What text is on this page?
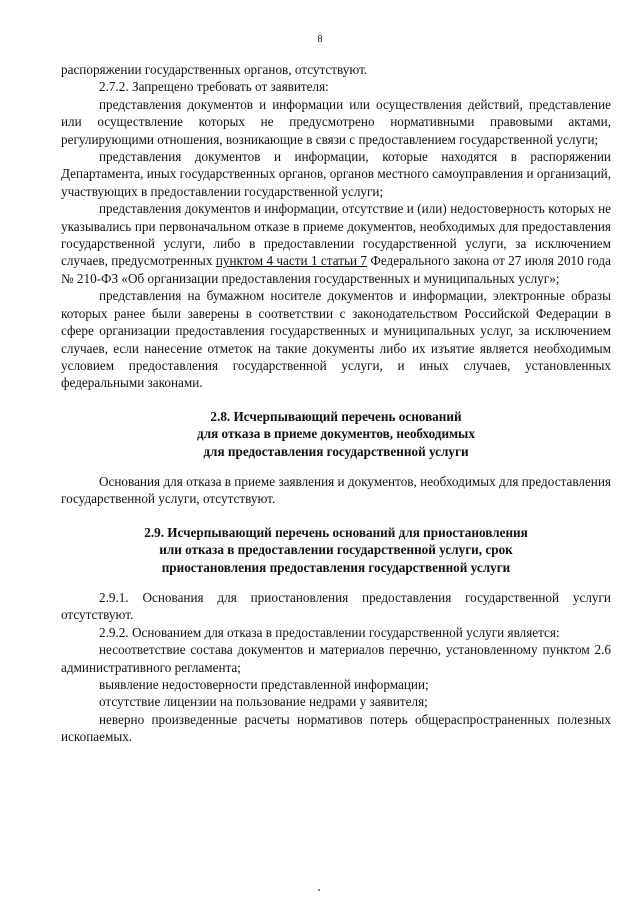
8

распоряжении государственных органов, отсутствуют.

2.7.2. Запрещено требовать от заявителя:

представления документов и информации или осуществления действий, представление или осуществление которых не предусмотрено нормативными правовыми актами, регулирующими отношения, возникающие в связи с предоставлением государственной услуги;

представления документов и информации, которые находятся в распоряжении Департамента, иных государственных органов, органов местного самоуправления и организаций, участвующих в предоставлении государственной услуги;

представления документов и информации, отсутствие и (или) недостоверность которых не указывались при первоначальном отказе в приеме документов, необходимых для предоставления государственной услуги, либо в предоставлении государственной услуги, за исключением случаев, предусмотренных пунктом 4 части 1 статьи 7 Федерального закона от 27 июля 2010 года № 210-ФЗ «Об организации предоставления государственных и муниципальных услуг»;

представления на бумажном носителе документов и информации, электронные образы которых ранее были заверены в соответствии с законодательством Российской Федерации в сфере организации предоставления государственных и муниципальных услуг, за исключением случаев, если нанесение отметок на такие документы либо их изъятие является необходимым условием предоставления государственной услуги, и иных случаев, установленных федеральными законами.

2.8. Исчерпывающий перечень оснований
для отказа в приеме документов, необходимых
для предоставления государственной услуги

Основания для отказа в приеме заявления и документов, необходимых для предоставления государственной услуги, отсутствуют.

2.9. Исчерпывающий перечень оснований для приостановления
или отказа в предоставлении государственной услуги, срок
приостановления предоставления государственной услуги

2.9.1. Основания для приостановления предоставления государственной услуги отсутствуют.

2.9.2. Основанием для отказа в предоставлении государственной услуги является:

несоответствие состава документов и материалов перечню, установленному пунктом 2.6 административного регламента;

выявление недостоверности представленной информации;

отсутствие лицензии на пользование недрами у заявителя;

неверно произведенные расчеты нормативов потерь общераспространенных полезных ископаемых.
